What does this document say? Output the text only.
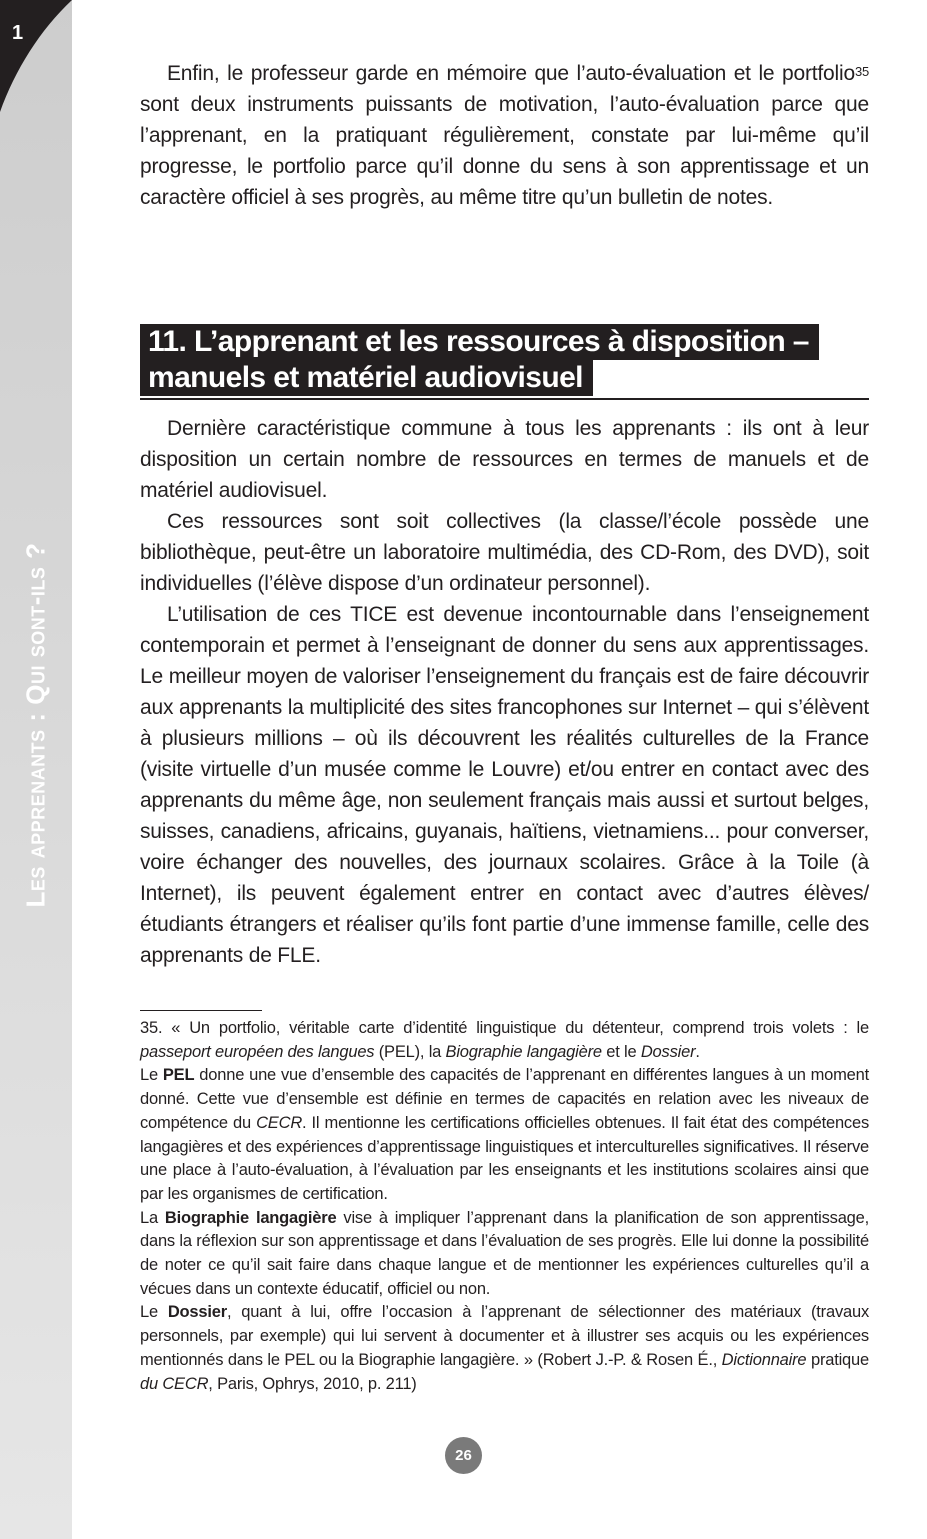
1
Les apprenants : Qui sont-ils ?

Enfin, le professeur garde en mémoire que l’auto-évaluation et le portfolio$^{35}$ sont deux instruments puissants de motivation, l’auto-évaluation parce que l’apprenant, en la pratiquant régulièrement, constate par lui-même qu’il progresse, le portfolio parce qu’il donne du sens à son apprentissage et un caractère officiel à ses progrès, au même titre qu’un bulletin de notes.

11. L’apprenant et les ressources à disposition –
manuels et matériel audiovisuel

Dernière caractéristique commune à tous les apprenants : ils ont à leur disposition un certain nombre de ressources en termes de manuels et de matériel audiovisuel.

Ces ressources sont soit collectives (la classe/l’école possède une bibliothèque, peut-être un laboratoire multimédia, des CD-Rom, des DVD), soit individuelles (l’élève dispose d’un ordinateur personnel).

L’utilisation de ces TICE est devenue incontournable dans l’enseignement contemporain et permet à l’enseignant de donner du sens aux apprentissages. Le meilleur moyen de valoriser l’enseignement du français est de faire découvrir aux apprenants la multiplicité des sites francophones sur Internet – qui s’élèvent à plusieurs millions – où ils découvrent les réalités culturelles de la France (visite virtuelle d’un musée comme le Louvre) et/ou entrer en contact avec des apprenants du même âge, non seulement français mais aussi et surtout belges, suisses, canadiens, africains, guyanais, haïtiens, vietnamiens... pour converser, voire échanger des nouvelles, des journaux scolaires. Grâce à la Toile (à Internet), ils peuvent également entrer en contact avec d’autres élèves/étudiants étrangers et réaliser qu’ils font partie d’une immense famille, celle des apprenants de FLE.

35. « Un portfolio, véritable carte d’identité linguistique du détenteur, comprend trois volets : le passeport européen des langues (PEL), la Biographie langagière et le Dossier.

Le PEL donne une vue d’ensemble des capacités de l’apprenant en différentes langues à un moment donné. Cette vue d’ensemble est définie en termes de capacités en relation avec les niveaux de compétence du CECR. Il mentionne les certifications officielles obtenues. Il fait état des compétences langagières et des expériences d’apprentissage linguistiques et interculturelles significatives. Il réserve une place à l’auto-évaluation, à l’évaluation par les enseignants et les institutions scolaires ainsi que par les organismes de certification.

La Biographie langagière vise à impliquer l’apprenant dans la planification de son apprentissage, dans la réflexion sur son apprentissage et dans l’évaluation de ses progrès. Elle lui donne la possibilité de noter ce qu’il sait faire dans chaque langue et de mentionner les expériences culturelles qu’il a vécues dans un contexte éducatif, officiel ou non.

Le Dossier, quant à lui, offre l’occasion à l’apprenant de sélectionner des matériaux (travaux personnels, par exemple) qui lui servent à documenter et à illustrer ses acquis ou les expériences mentionnés dans le PEL ou la Biographie langagière. » (Robert J.-P. & Rosen É., Dictionnaire pratique du CECR, Paris, Ophrys, 2010, p. 211)

26
